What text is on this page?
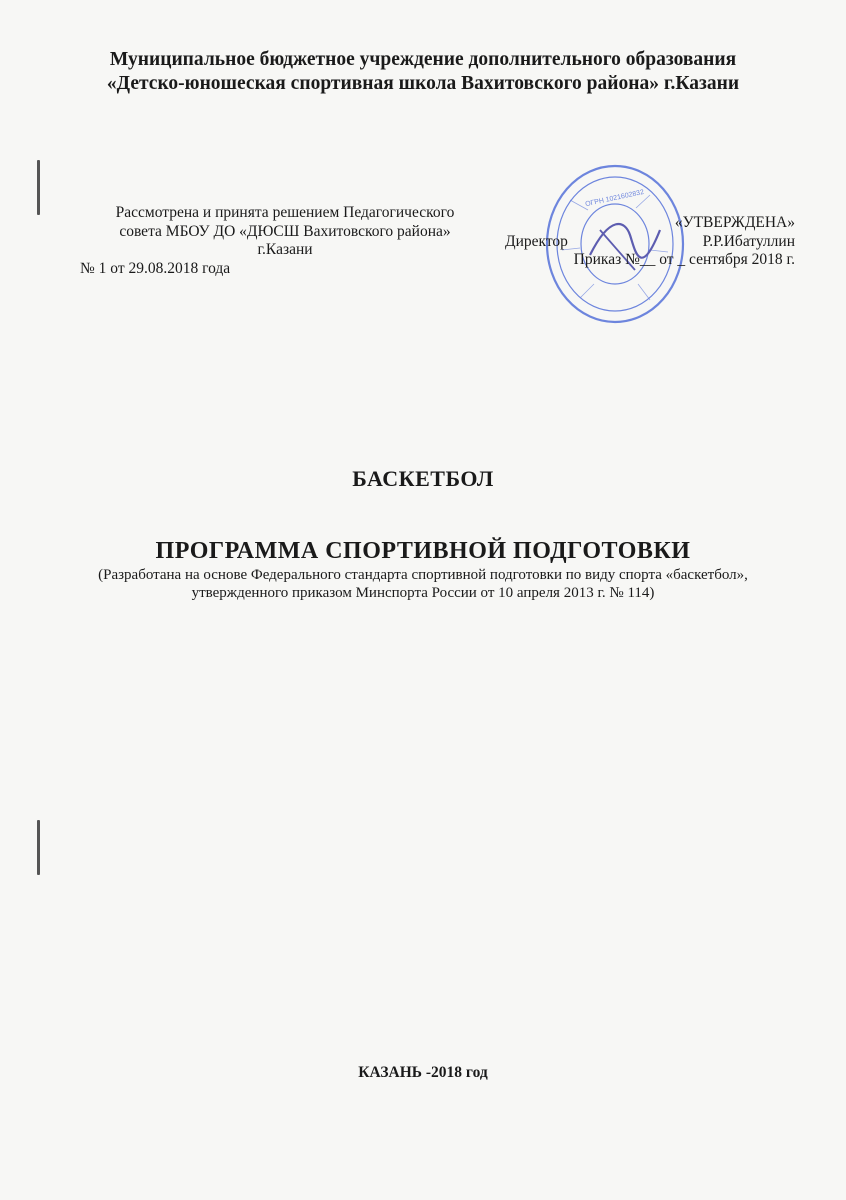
Муниципальное бюджетное учреждение дополнительного образования
«Детско-юношеская спортивная школа Вахитовского района» г.Казани
Рассмотрена и принята решением Педагогического
совета МБОУ ДО «ДЮСШ Вахитовского района»
г.Казани
№ 1 от 29.08.2018 года
ОГРН 1021602832
«УТВЕРЖДЕНА»
Директор	Р.Р.Ибатуллин
Приказ №__ от _ сентября 2018 г.
БАСКЕТБОЛ
ПРОГРАММА СПОРТИВНОЙ ПОДГОТОВКИ
(Разработана на основе Федерального стандарта спортивной подготовки по виду спорта «баскетбол»,
утвержденного приказом Минспорта России от 10 апреля 2013 г. № 114)
КАЗАНЬ -2018 год
